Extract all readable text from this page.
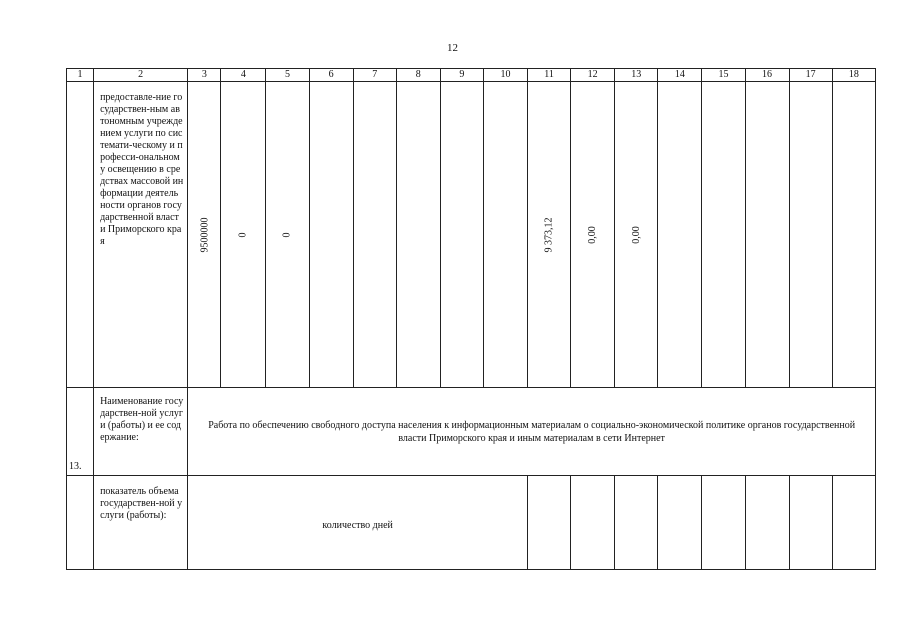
12
1	2	3	4	5	6	7	8	9	10	11	12	13	14	15	16	17	18
	предоставле-ние государствен-ным автономным учреждением услуги по системати-ческому и професси-ональному освещению в средствах массовой информации деятельности органов государственной власти Приморского края	9500000	0	0						9 373,12	0,00	0,00					
13.	Наименование государствен-ной услуги (работы) и ее содержание:	Работа по обеспечению свободного доступа населения к информационным материалам о социально-экономической политике органов государственной власти Приморского края и иным материалам в сети Интернет															
	показатель объема государствен-ной услуги (работы):	количество дней															
